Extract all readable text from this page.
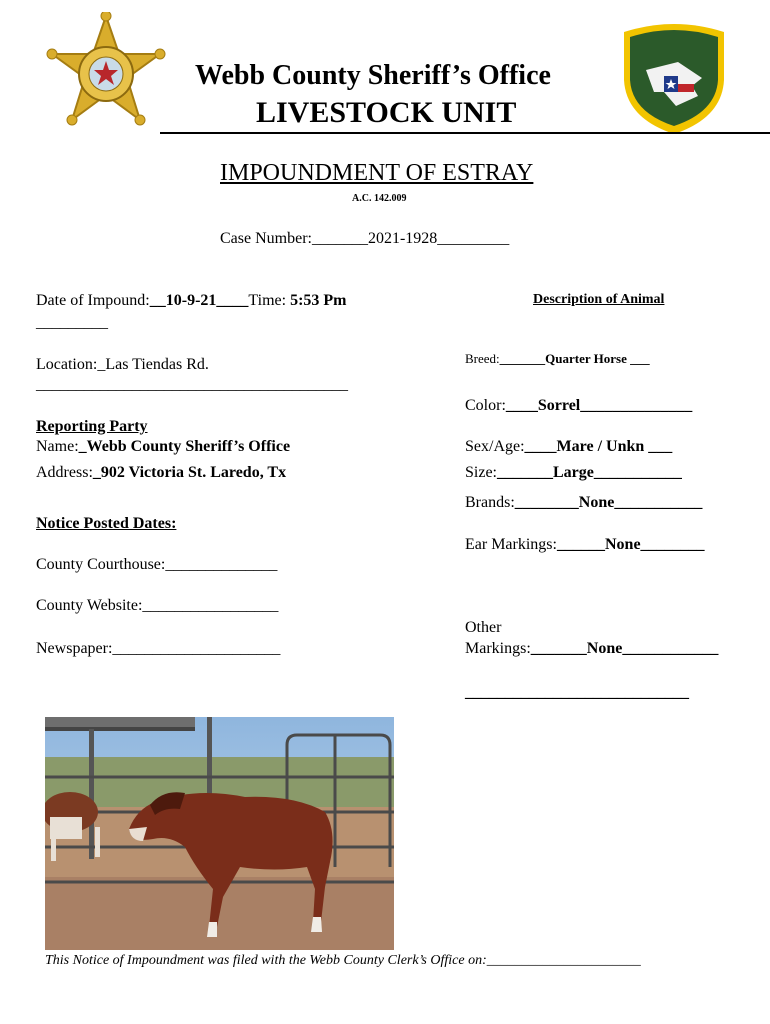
Webb County Sheriff’s Office
LIVESTOCK UNIT
IMPOUNDMENT OF ESTRAY
A.C. 142.009
Case Number:_______2021-1928_________
Date of Impound:__10-9-21____Time: 5:53 Pm
_________
Location:_Las Tiendas Rd.
_______________________________________
Reporting Party
Name:_Webb County Sheriff’s Office
Address:_902 Victoria St. Laredo, Tx
Notice Posted Dates:
County Courthouse:______________
County Website:_________________
Newspaper:_____________________
Description of Animal
Breed:_______Quarter Horse ___
Color:____Sorrel______________
Sex/Age:____Mare / Unkn ___
Size:_______Large___________
Brands:________None___________
Ear Markings:______None________
Other
Markings:_______None____________
____________________________
This Notice of Impoundment was filed with the Webb County Clerk’s Office on:______________________
